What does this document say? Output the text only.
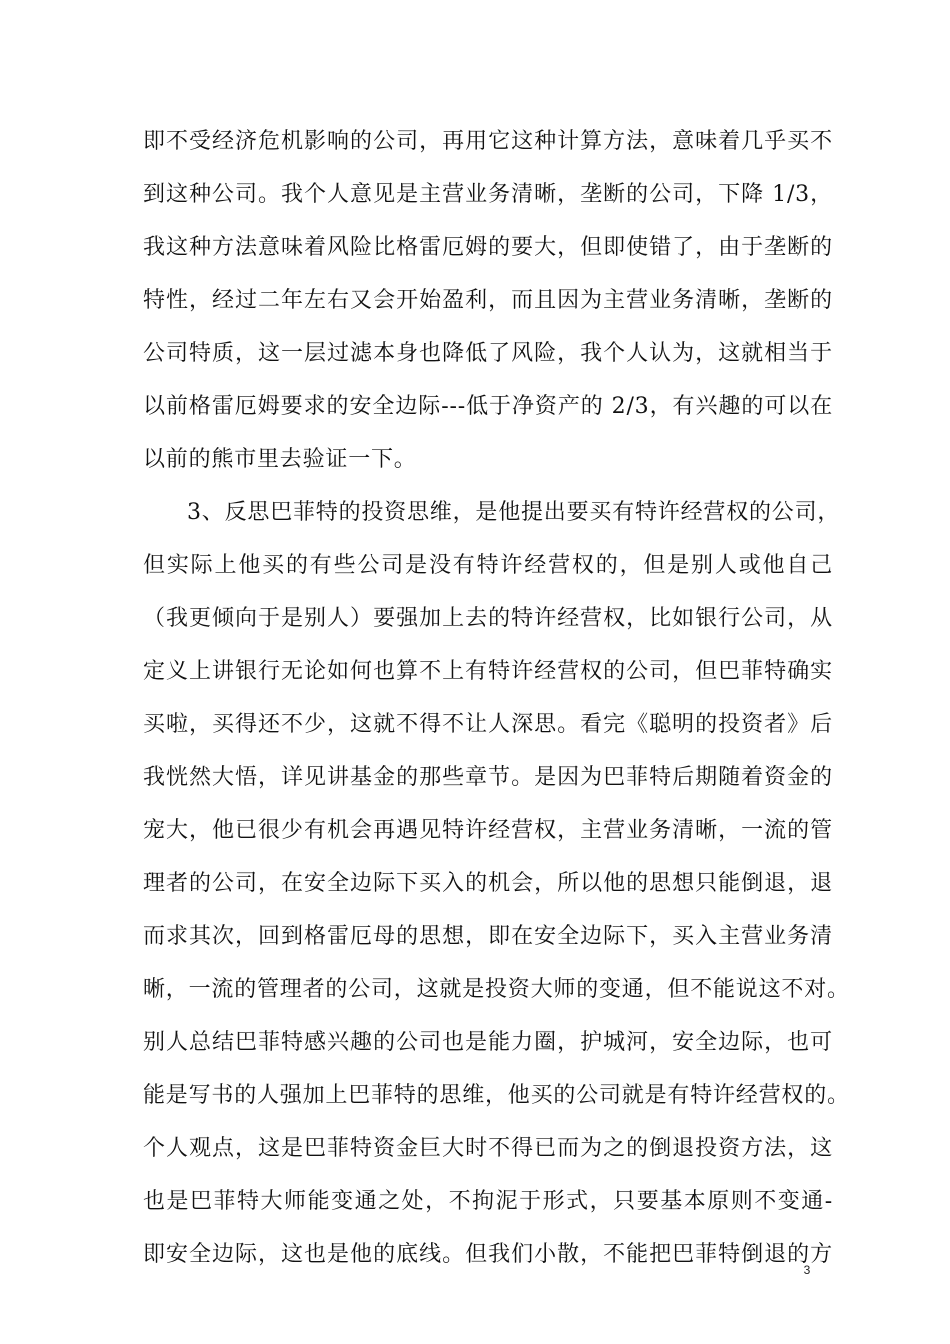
即不受经济危机影响的公司，再用它这种计算方法，意味着几乎买不
到这种公司。我个人意见是主营业务清晰，垄断的公司，下降 1/3，
我这种方法意味着风险比格雷厄姆的要大，但即使错了，由于垄断的
特性，经过二年左右又会开始盈利，而且因为主营业务清晰，垄断的
公司特质，这一层过滤本身也降低了风险，我个人认为，这就相当于
以前格雷厄姆要求的安全边际---低于净资产的 2/3，有兴趣的可以在
以前的熊市里去验证一下。
3、反思巴菲特的投资思维，是他提出要买有特许经营权的公司，
但实际上他买的有些公司是没有特许经营权的，但是别人或他自己
（我更倾向于是别人）要强加上去的特许经营权，比如银行公司，从
定义上讲银行无论如何也算不上有特许经营权的公司，但巴菲特确实
买啦，买得还不少，这就不得不让人深思。看完《聪明的投资者》后
我恍然大悟，详见讲基金的那些章节。是因为巴菲特后期随着资金的
宠大，他已很少有机会再遇见特许经营权，主营业务清晰，一流的管
理者的公司，在安全边际下买入的机会，所以他的思想只能倒退，退
而求其次，回到格雷厄母的思想，即在安全边际下，买入主营业务清
晰，一流的管理者的公司，这就是投资大师的变通，但不能说这不对。
别人总结巴菲特感兴趣的公司也是能力圈，护城河，安全边际，也可
能是写书的人强加上巴菲特的思维，他买的公司就是有特许经营权的。
个人观点，这是巴菲特资金巨大时不得已而为之的倒退投资方法，这
也是巴菲特大师能变通之处，不拘泥于形式，只要基本原则不变通-
即安全边际，这也是他的底线。但我们小散，不能把巴菲特倒退的方
3
